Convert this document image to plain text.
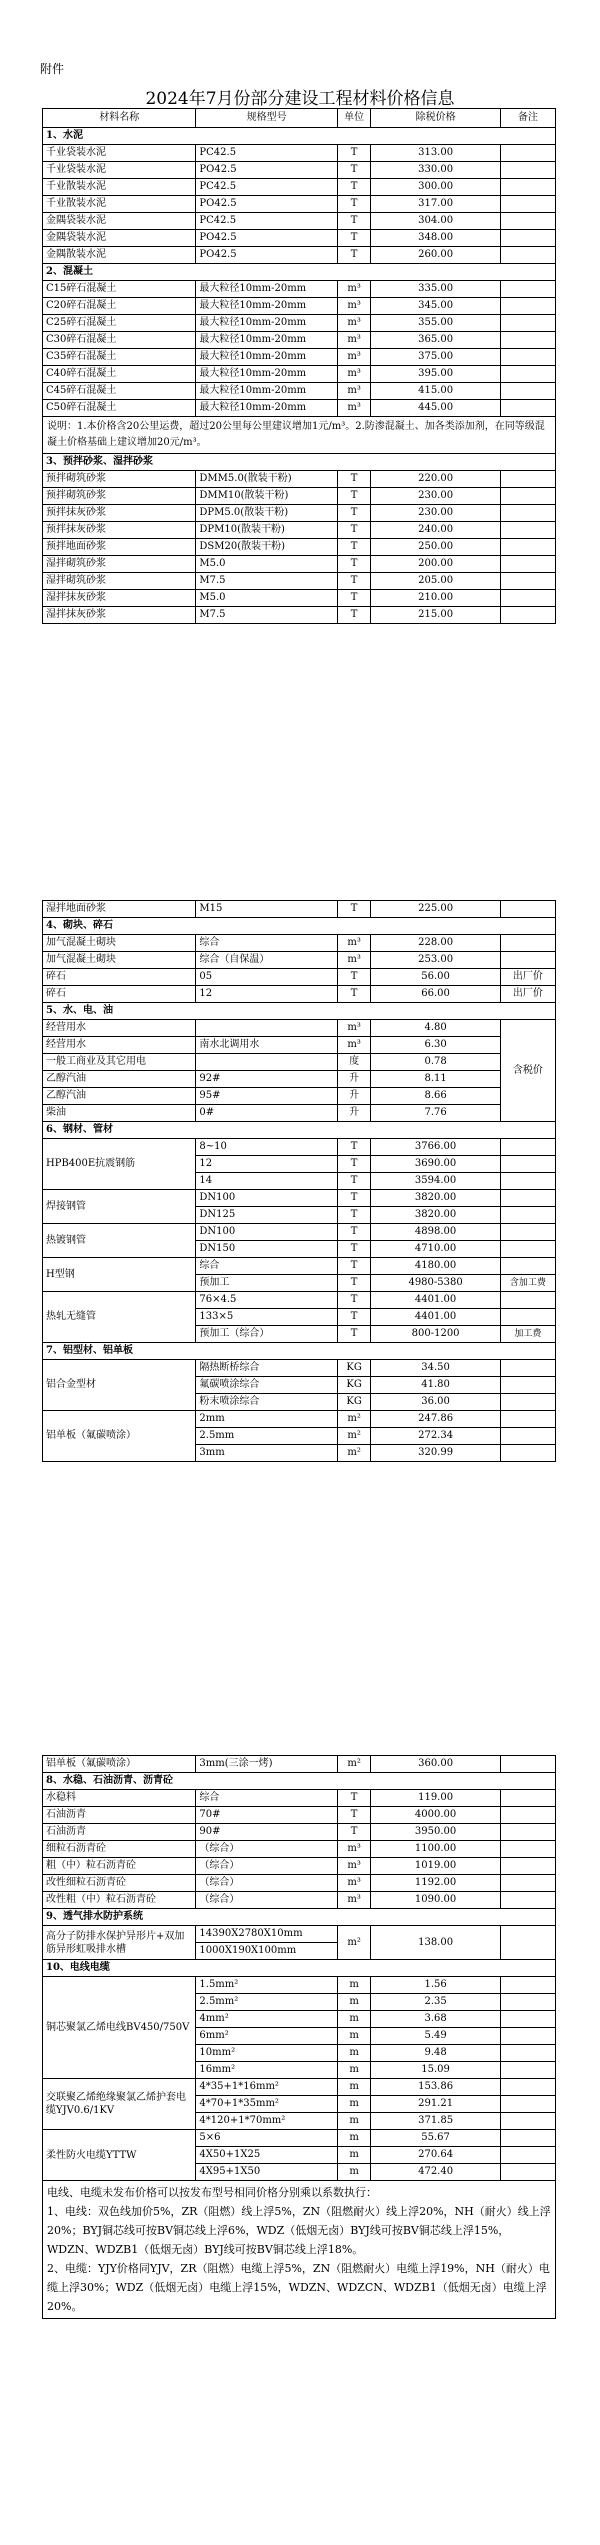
附件
2024年7月份部分建设工程材料价格信息
材料名称	规格型号	单位	除税价格	备注
1、水泥				
千业袋装水泥	PC42.5	T	313.00	
千业袋装水泥	PO42.5	T	330.00	
千业散装水泥	PC42.5	T	300.00	
千业散装水泥	PO42.5	T	317.00	
金隅袋装水泥	PC42.5	T	304.00	
金隅袋装水泥	PO42.5	T	348.00	
金隅散装水泥	PO42.5	T	260.00	
2、混凝土				
C15碎石混凝土	最大粒径10mm-20mm	m³	335.00	
C20碎石混凝土	最大粒径10mm-20mm	m³	345.00	
C25碎石混凝土	最大粒径10mm-20mm	m³	355.00	
C30碎石混凝土	最大粒径10mm-20mm	m³	365.00	
C35碎石混凝土	最大粒径10mm-20mm	m³	375.00	
C40碎石混凝土	最大粒径10mm-20mm	m³	395.00	
C45碎石混凝土	最大粒径10mm-20mm	m³	415.00	
C50碎石混凝土	最大粒径10mm-20mm	m³	445.00	
说明：1.本价格含20公里运费，超过20公里每公里建议增加1元/m³。2.防渗混凝土、加各类添加剂，在同等级混凝土价格基础上建议增加20元/m³。				
3、预拌砂浆、湿拌砂浆				
预拌砌筑砂浆	DMM5.0(散装干粉)	T	220.00	
预拌砌筑砂浆	DMM10(散装干粉)	T	230.00	
预拌抹灰砂浆	DPM5.0(散装干粉)	T	230.00	
预拌抹灰砂浆	DPM10(散装干粉)	T	240.00	
预拌地面砂浆	DSM20(散装干粉)	T	250.00	
湿拌砌筑砂浆	M5.0	T	200.00	
湿拌砌筑砂浆	M7.5	T	205.00	
湿拌抹灰砂浆	M5.0	T	210.00	
湿拌抹灰砂浆	M7.5	T	215.00	
湿拌地面砂浆	M15	T	225.00	
4、砌块、碎石				
加气混凝土砌块	综合	m³	228.00	
加气混凝土砌块	综合（自保温）	m³	253.00	
碎石	05	T	56.00	出厂价
碎石	12	T	66.00	出厂价
5、水、电、油				
经营用水		m³	4.80	含税价
经营用水	南水北调用水	m³	6.30	
一般工商业及其它用电		度	0.78	
乙醇汽油	92#	升	8.11	
乙醇汽油	95#	升	8.66	
柴油	0#	升	7.76	
6、钢材、管材				
HPB400E抗震钢筋	8~10	T	3766.00	
	12	T	3690.00	
	14	T	3594.00	
焊接钢管	DN100	T	3820.00	
	DN125	T	3820.00	
热镀钢管	DN100	T	4898.00	
	DN150	T	4710.00	
H型钢	综合	T	4180.00	
	预加工	T	4980-5380	含加工费
热轧无缝管	76×4.5	T	4401.00	
	133×5	T	4401.00	
	预加工（综合）	T	800-1200	加工费
7、铝型材、铝单板				
铝合金型材	隔热断桥综合	KG	34.50	
	氟碳喷涂综合	KG	41.80	
	粉末喷涂综合	KG	36.00	
铝单板（氟碳喷涂）	2mm	m²	247.86	
	2.5mm	m²	272.34	
	3mm	m²	320.99	
铝单板（氟碳喷涂）	3mm(三涂一烤)	m²	360.00	
8、水稳、石油沥青、沥青砼				
水稳料	综合	T	119.00	
石油沥青	70#	T	4000.00	
石油沥青	90#	T	3950.00	
细粒石沥青砼	（综合）	m³	1100.00	
粗（中）粒石沥青砼	（综合）	m³	1019.00	
改性细粒石沥青砼	（综合）	m³	1192.00	
改性粗（中）粒石沥青砼	（综合）	m³	1090.00	
9、透气排水防护系统				
高分子防排水保护异形片+双加筋异形虹吸排水槽	14390X2780X10mm	m²	138.00	
	1000X190X100mm			
10、电线电缆				
铜芯聚氯乙烯电线BV450/750V	1.5mm²	m	1.56	
	2.5mm²	m	2.35	
	4mm²	m	3.68	
	6mm²	m	5.49	
	10mm²	m	9.48	
	16mm²	m	15.09	
交联聚乙烯绝缘聚氯乙烯护套电缆YJV0.6/1KV	4*35+1*16mm²	m	153.86	
	4*70+1*35mm²	m	291.21	
	4*120+1*70mm²	m	371.85	
柔性防火电缆YTTW	5×6	m	55.67	
	4X50+1X25	m	270.64	
	4X95+1X50	m	472.40	
电线、电缆未发布价格可以按发布型号相同价格分别乘以系数执行：
1、电线：双色线加价5%，ZR（阻燃）线上浮5%，ZN（阻燃耐火）线上浮20%，NH（耐火）线上浮20%；BYJ铜芯线可按BV铜芯线上浮6%，WDZ（低烟无卤）BYJ线可按BV铜芯线上浮15%，WDZN、WDZB1（低烟无卤）BYJ线可按BV铜芯线上浮18%。
2、电缆：YJY价格同YJV，ZR（阻燃）电缆上浮5%，ZN（阻燃耐火）电缆上浮19%，NH（耐火）电缆上浮30%；WDZ（低烟无卤）电缆上浮15%，WDZN、WDZCN、WDZB1（低烟无卤）电缆上浮20%。				
